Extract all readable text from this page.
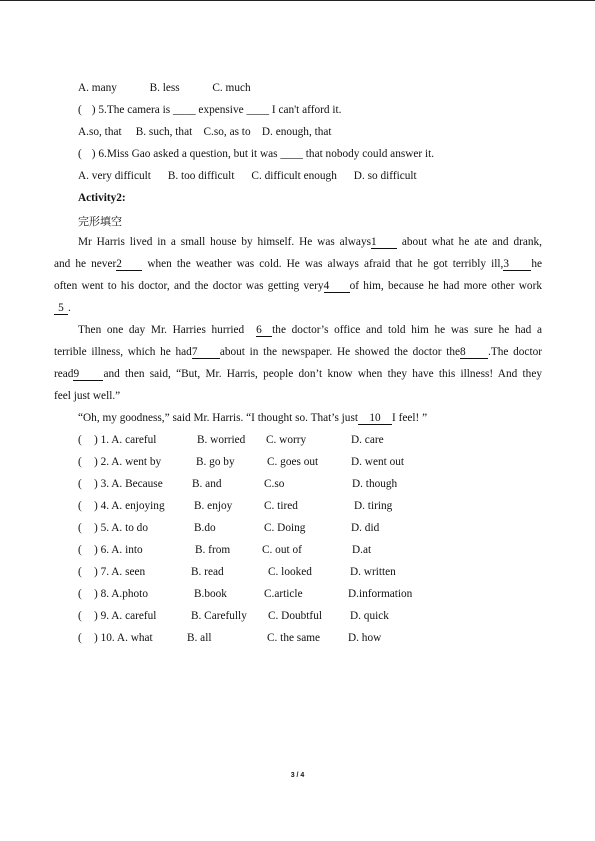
A. many	B. less	C. much
( ) 5.The camera is ____ expensive ____ I can't afford it.
A.so, that     B. such, that    C.so, as to    D. enough, that
( ) 6.Miss Gao asked a question, but it was ____ that nobody could answer it.
A. very difficult      B. too difficult      C. difficult enough      D. so difficult
Activity2:
完形填空
Mr Harris lived in a small house by himself. He was always1 about what he ate and drank,
and he never2 when the weather was cold. He was always afraid that he got terribly ill,3 he
often went to his doctor, and the doctor was getting very4 of him, because he had more other work
5 .
Then one day Mr. Harries hurried 6 the doctor’s office and told him he was sure he had a
terrible illness, which he had7 about in the newspaper. He showed the doctor the8 .The doctor
read9 and then said, “But, Mr. Harris, people don’t know when they have this illness! And they
feel just well.”
“Oh, my goodness,” said Mr. Harris. “I thought so. That’s just 10 I feel! ”
( ) 1. A. careful	B. worried C. worry	D. care
( ) 2. A. went by	B. go by	C. goes out	D. went out
( ) 3. A. Because	B. and	C.so	D. though
( ) 4. A. enjoying	B. enjoy	C. tired	D. tiring
( ) 5. A. to do	B.do	C. Doing	D. did
( ) 6. A. into	B. from	C. out of	D.at
( ) 7. A. seen	B. read	C. looked	D. written
( ) 8. A.photo	B.book	C.article	D.information
( ) 9. A. careful	B. Carefully C. Doubtful D. quick
( ) 10. A. what	B. all	C. the same D. how
3 / 4
